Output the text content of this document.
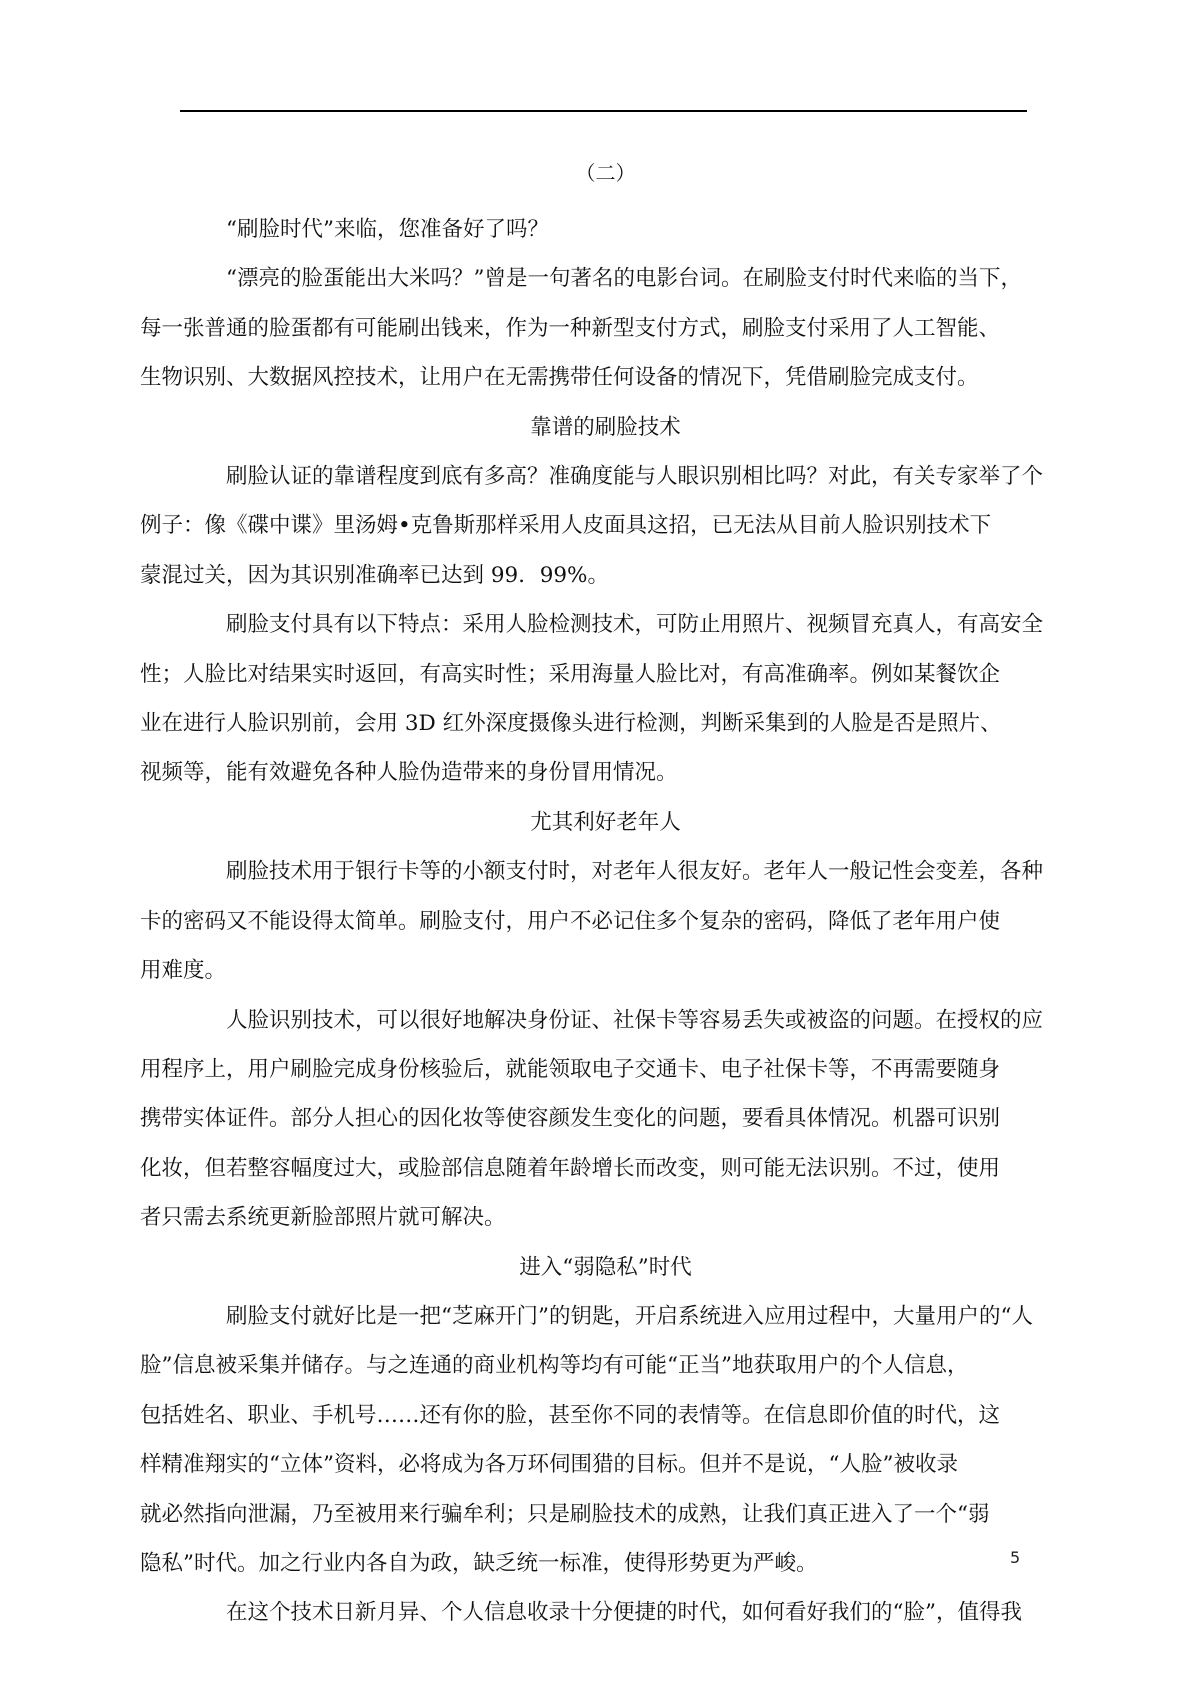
（二）
“刷脸时代”来临，您准备好了吗？
“漂亮的脸蛋能出大米吗？”曾是一句著名的电影台词。在刷脸支付时代来临的当下，
每一张普通的脸蛋都有可能刷出钱来，作为一种新型支付方式，刷脸支付采用了人工智能、
生物识别、大数据风控技术，让用户在无需携带任何设备的情况下，凭借刷脸完成支付。
靠谱的刷脸技术
刷脸认证的靠谱程度到底有多高？准确度能与人眼识别相比吗？对此，有关专家举了个
例子：像《碟中谍》里汤姆•克鲁斯那样采用人皮面具这招，已无法从目前人脸识别技术下
蒙混过关，因为其识别准确率已达到 99．99%。
刷脸支付具有以下特点：采用人脸检测技术，可防止用照片、视频冒充真人，有高安全
性；人脸比对结果实时返回，有高实时性；采用海量人脸比对，有高准确率。例如某餐饮企
业在进行人脸识别前，会用 3D 红外深度摄像头进行检测，判断采集到的人脸是否是照片、
视频等，能有效避免各种人脸伪造带来的身份冒用情况。
尤其利好老年人
刷脸技术用于银行卡等的小额支付时，对老年人很友好。老年人一般记性会变差，各种
卡的密码又不能设得太简单。刷脸支付，用户不必记住多个复杂的密码，降低了老年用户使
用难度。
人脸识别技术，可以很好地解决身份证、社保卡等容易丢失或被盗的问题。在授权的应
用程序上，用户刷脸完成身份核验后，就能领取电子交通卡、电子社保卡等，不再需要随身
携带实体证件。部分人担心的因化妆等使容颜发生变化的问题，要看具体情况。机器可识别
化妆，但若整容幅度过大，或脸部信息随着年龄增长而改变，则可能无法识别。不过，使用
者只需去系统更新脸部照片就可解决。
进入“弱隐私”时代
刷脸支付就好比是一把“芝麻开门”的钥匙，开启系统进入应用过程中，大量用户的“人
脸”信息被采集并储存。与之连通的商业机构等均有可能“正当”地获取用户的个人信息，
包括姓名、职业、手机号……还有你的脸，甚至你不同的表情等。在信息即价值的时代，这
样精准翔实的“立体”资料，必将成为各万环伺围猎的目标。但并不是说，“人脸”被收录
就必然指向泄漏，乃至被用来行骗牟利；只是刷脸技术的成熟，让我们真正进入了一个“弱
隐私”时代。加之行业内各自为政，缺乏统一标准，使得形势更为严峻。
在这个技术日新月异、个人信息收录十分便捷的时代，如何看好我们的“脸”，值得我
5
